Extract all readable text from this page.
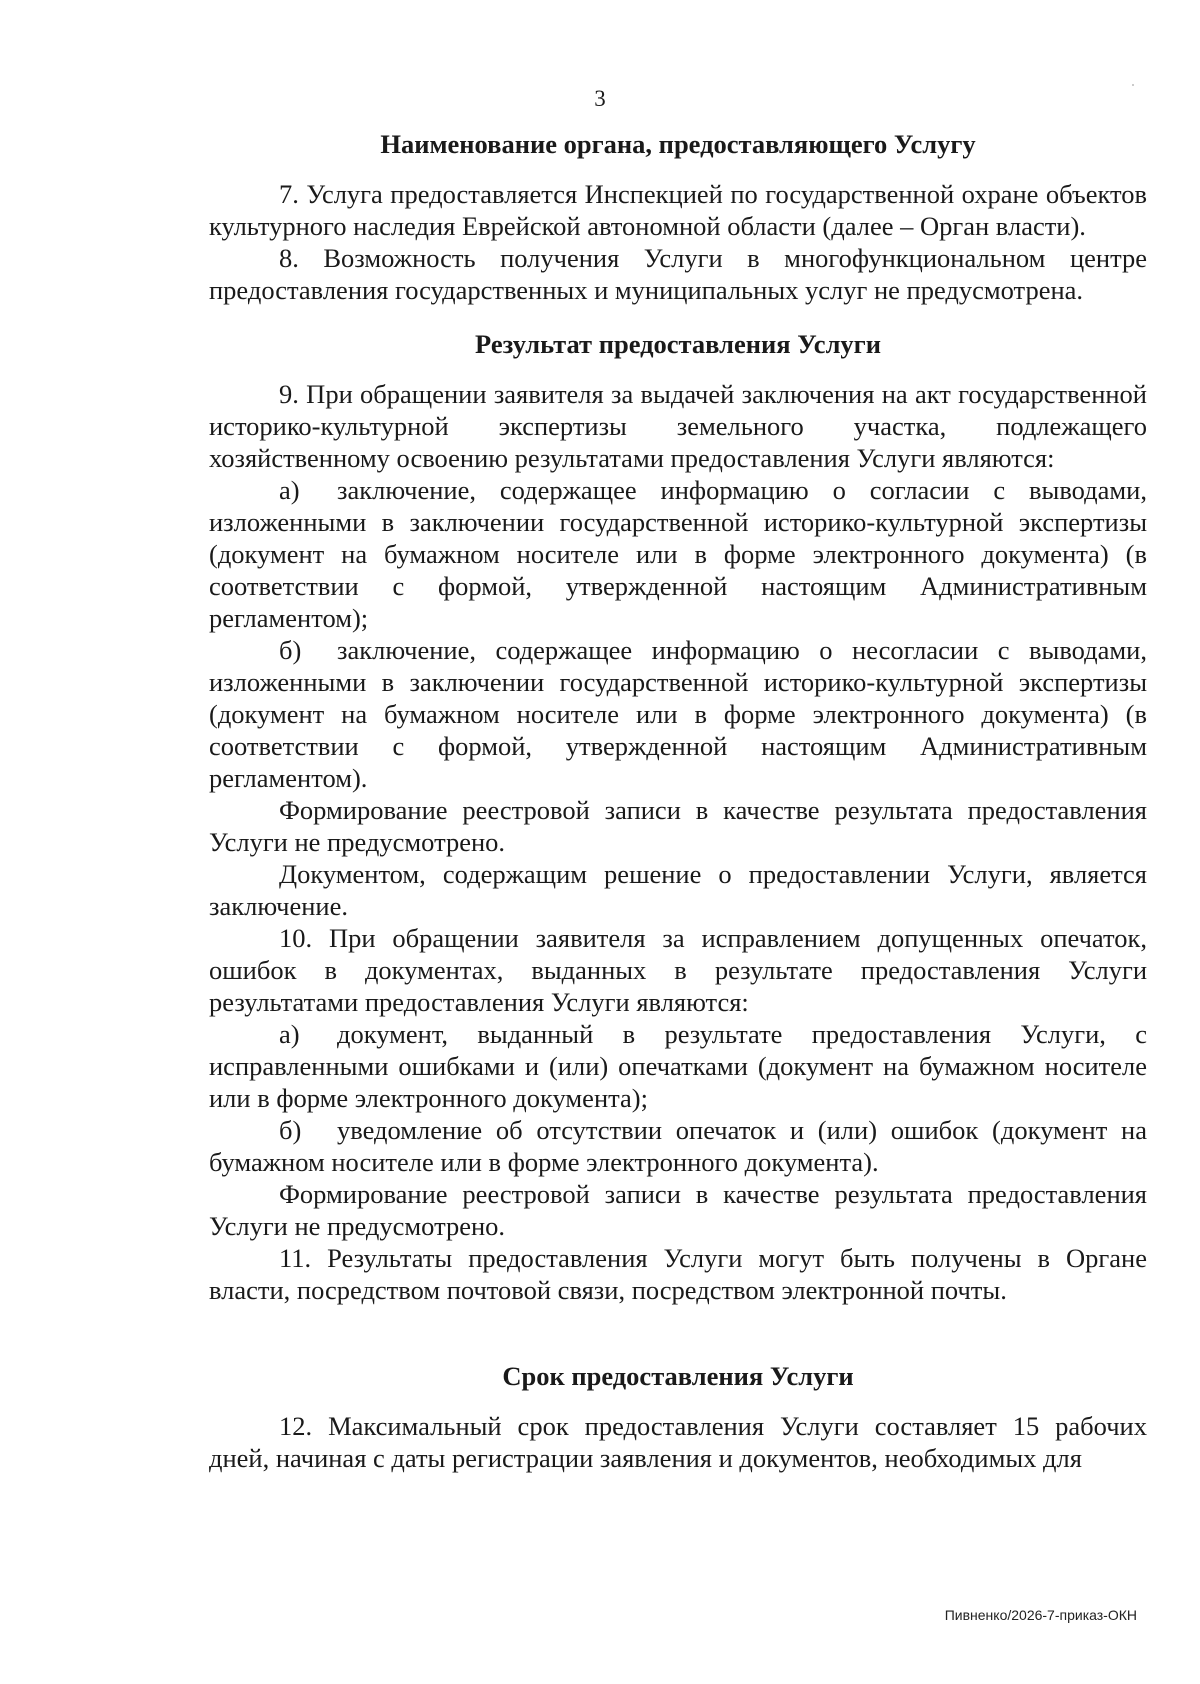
3
Наименование органа, предоставляющего Услугу

7. Услуга предоставляется Инспекцией по государственной охране объектов культурного наследия Еврейской автономной области (далее – Орган власти).

8. Возможность получения Услуги в многофункциональном центре предоставления государственных и муниципальных услуг не предусмотрена.

Результат предоставления Услуги

9. При обращении заявителя за выдачей заключения на акт государственной историко-культурной экспертизы земельного участка, подлежащего хозяйственному освоению результатами предоставления Услуги являются:

а) заключение, содержащее информацию о согласии с выводами, изложенными в заключении государственной историко-культурной экспертизы (документ на бумажном носителе или в форме электронного документа) (в соответствии с формой, утвержденной настоящим Административным регламентом);

б) заключение, содержащее информацию о несогласии с выводами, изложенными в заключении государственной историко-культурной экспертизы (документ на бумажном носителе или в форме электронного документа) (в соответствии с формой, утвержденной настоящим Административным регламентом).

Формирование реестровой записи в качестве результата предоставления Услуги не предусмотрено.

Документом, содержащим решение о предоставлении Услуги, является заключение.

10. При обращении заявителя за исправлением допущенных опечаток, ошибок в документах, выданных в результате предоставления Услуги результатами предоставления Услуги являются:

а) документ, выданный в результате предоставления Услуги, с исправленными ошибками и (или) опечатками (документ на бумажном носителе или в форме электронного документа);

б) уведомление об отсутствии опечаток и (или) ошибок (документ на бумажном носителе или в форме электронного документа).

Формирование реестровой записи в качестве результата предоставления Услуги не предусмотрено.

11. Результаты предоставления Услуги могут быть получены в Органе власти, посредством почтовой связи, посредством электронной почты.

Срок предоставления Услуги

12. Максимальный срок предоставления Услуги составляет 15 рабочих дней, начиная с даты регистрации заявления и документов, необходимых для

Пивненко/2026-7-приказ-ОКН
